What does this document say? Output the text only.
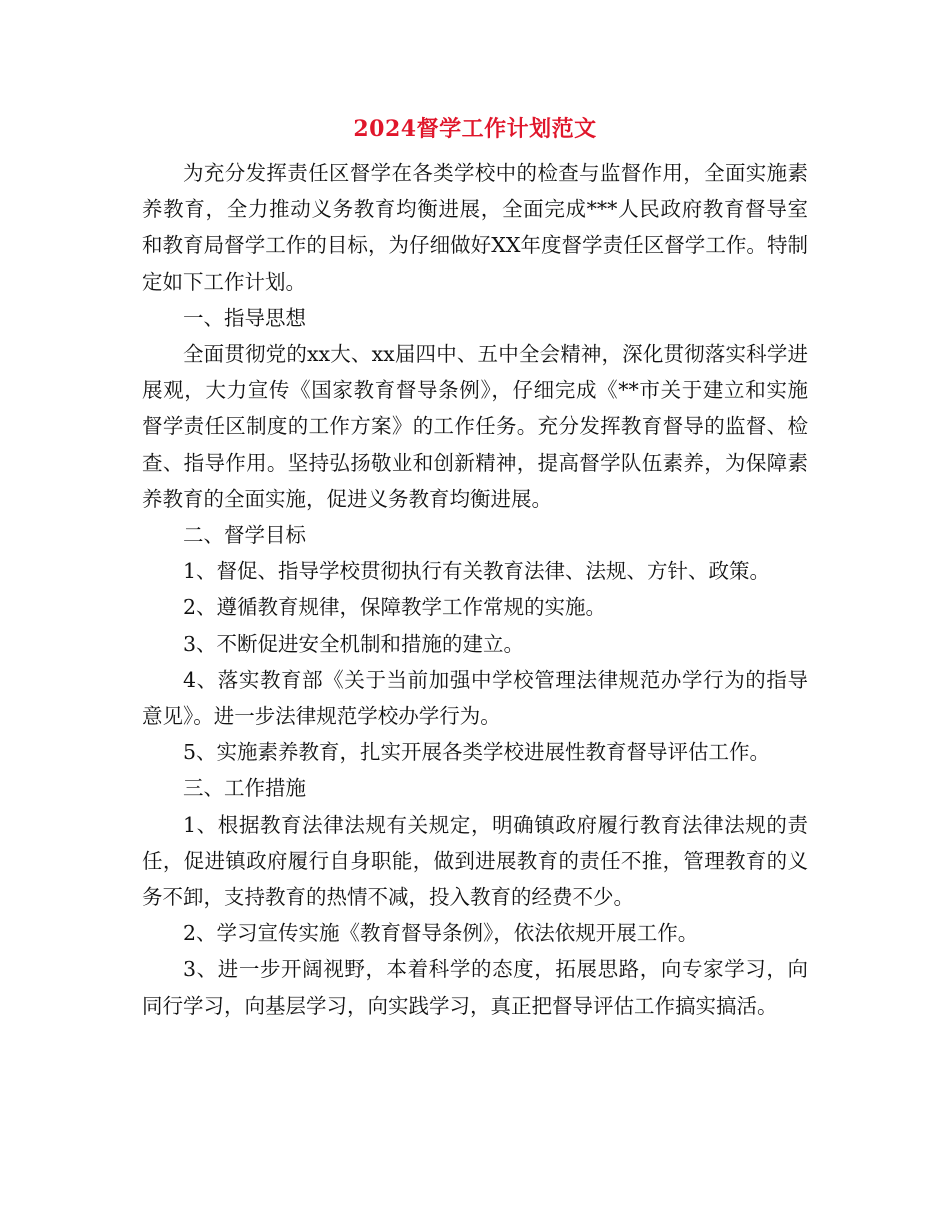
2024督学工作计划范文

为充分发挥责任区督学在各类学校中的检查与监督作用，全面实施素养教育，全力推动义务教育均衡进展，全面完成***人民政府教育督导室和教育局督学工作的目标，为仔细做好XX年度督学责任区督学工作。特制定如下工作计划。

一、指导思想

全面贯彻党的xx大、xx届四中、五中全会精神，深化贯彻落实科学进展观，大力宣传《国家教育督导条例》，仔细完成《**市关于建立和实施督学责任区制度的工作方案》的工作任务。充分发挥教育督导的监督、检查、指导作用。坚持弘扬敬业和创新精神，提高督学队伍素养，为保障素养教育的全面实施，促进义务教育均衡进展。

二、督学目标

1、督促、指导学校贯彻执行有关教育法律、法规、方针、政策。

2、遵循教育规律，保障教学工作常规的实施。

3、不断促进安全机制和措施的建立。

4、落实教育部《关于当前加强中学校管理法律规范办学行为的指导意见》。进一步法律规范学校办学行为。

5、实施素养教育，扎实开展各类学校进展性教育督导评估工作。

三、工作措施

1、根据教育法律法规有关规定，明确镇政府履行教育法律法规的责任，促进镇政府履行自身职能，做到进展教育的责任不推，管理教育的义务不卸，支持教育的热情不减，投入教育的经费不少。

2、学习宣传实施《教育督导条例》，依法依规开展工作。

3、进一步开阔视野，本着科学的态度，拓展思路，向专家学习，向同行学习，向基层学习，向实践学习，真正把督导评估工作搞实搞活。
